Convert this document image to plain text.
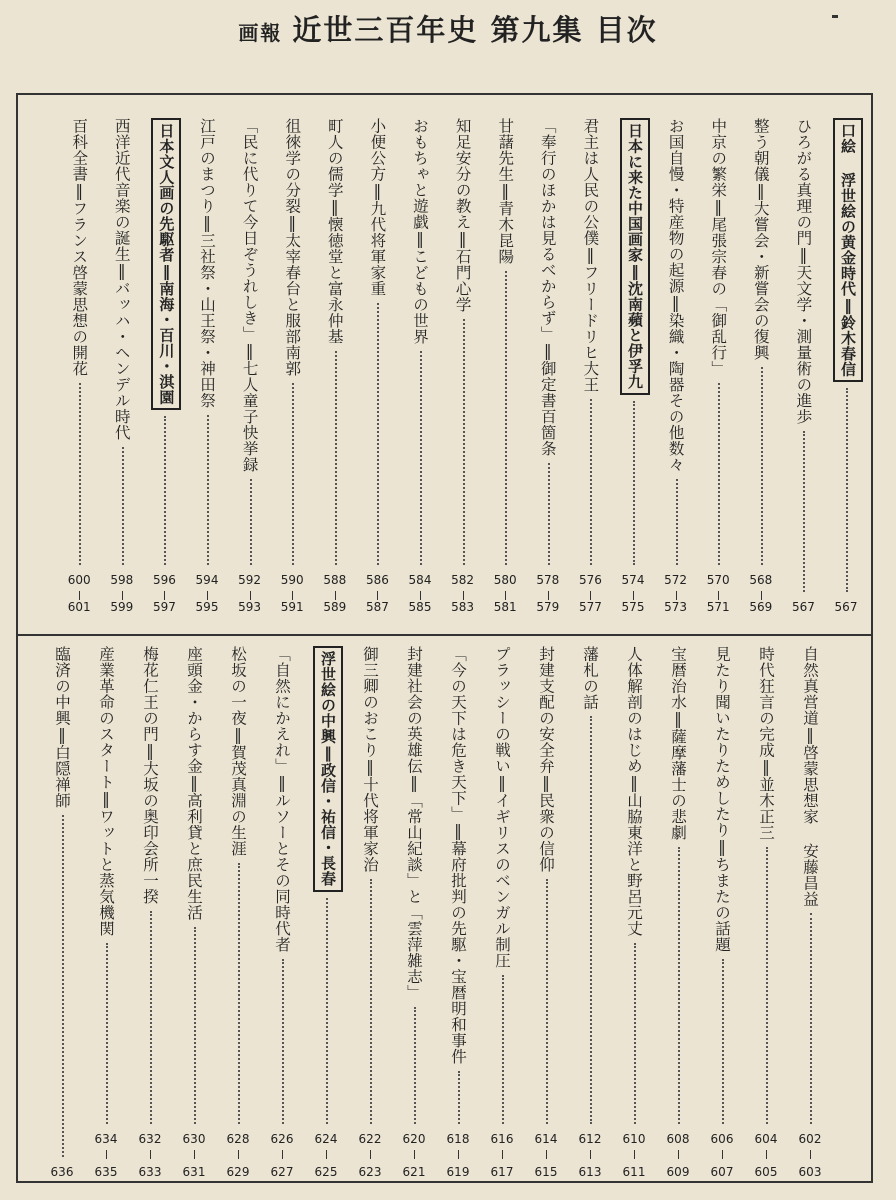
画報 近世三百年史 第九集 目次
口絵 浮世絵の黄金時代‖鈴木春信
567
ひろがる真理の門‖天文学・測量術の進歩
567
整う朝儀‖大嘗会・新嘗会の復興
568
569
中京の繁栄‖尾張宗春の「御乱行」
570
571
お国自慢・特産物の起源‖染織・陶器その他数々
572
573
日本に来た中国画家‖沈南蘋と伊孚九
574
575
君主は人民の公僕‖フリードリヒ大王
576
577
「奉行のほかは見るべからず」‖御定書百箇条
578
579
甘藷先生‖青木昆陽
580
581
知足安分の教え‖石門心学
582
583
おもちゃと遊戯‖こどもの世界
584
585
小便公方‖九代将軍家重
586
587
町人の儒学‖懐徳堂と富永仲基
588
589
徂徠学の分裂‖太宰春台と服部南郭
590
591
「民に代りて今日ぞうれしき」‖七人童子快挙録
592
593
江戸のまつり‖三社祭・山王祭・神田祭
594
595
日本文人画の先駆者‖南海・百川・淇園
596
597
西洋近代音楽の誕生‖バッハ・ヘンデル時代
598
599
百科全書‖フランス啓蒙思想の開花
600
601
自然真営道‖啓蒙思想家 安藤昌益
602
603
時代狂言の完成‖並木正三
604
605
見たり聞いたりためしたり‖ちまたの話題
606
607
宝暦治水‖薩摩藩士の悲劇
608
609
人体解剖のはじめ‖山脇東洋と野呂元丈
610
611
藩札の話
612
613
封建支配の安全弁‖民衆の信仰
614
615
プラッシーの戦い‖イギリスのベンガル制圧
616
617
「今の天下は危き天下」‖幕府批判の先駆・宝暦明和事件
618
619
封建社会の英雄伝‖「常山紀談」と「雲萍雑志」
620
621
御三卿のおこり‖十代将軍家治
622
623
浮世絵の中興‖政信・祐信・長春
624
625
「自然にかえれ」‖ルソーとその同時代者
626
627
松坂の一夜‖賀茂真淵の生涯
628
629
座頭金・からす金‖高利貸と庶民生活
630
631
梅花仁王の門‖大坂の奥印会所一揆
632
633
産業革命のスタート‖ワットと蒸気機関
634
635
臨済の中興‖白隠禅師
636
